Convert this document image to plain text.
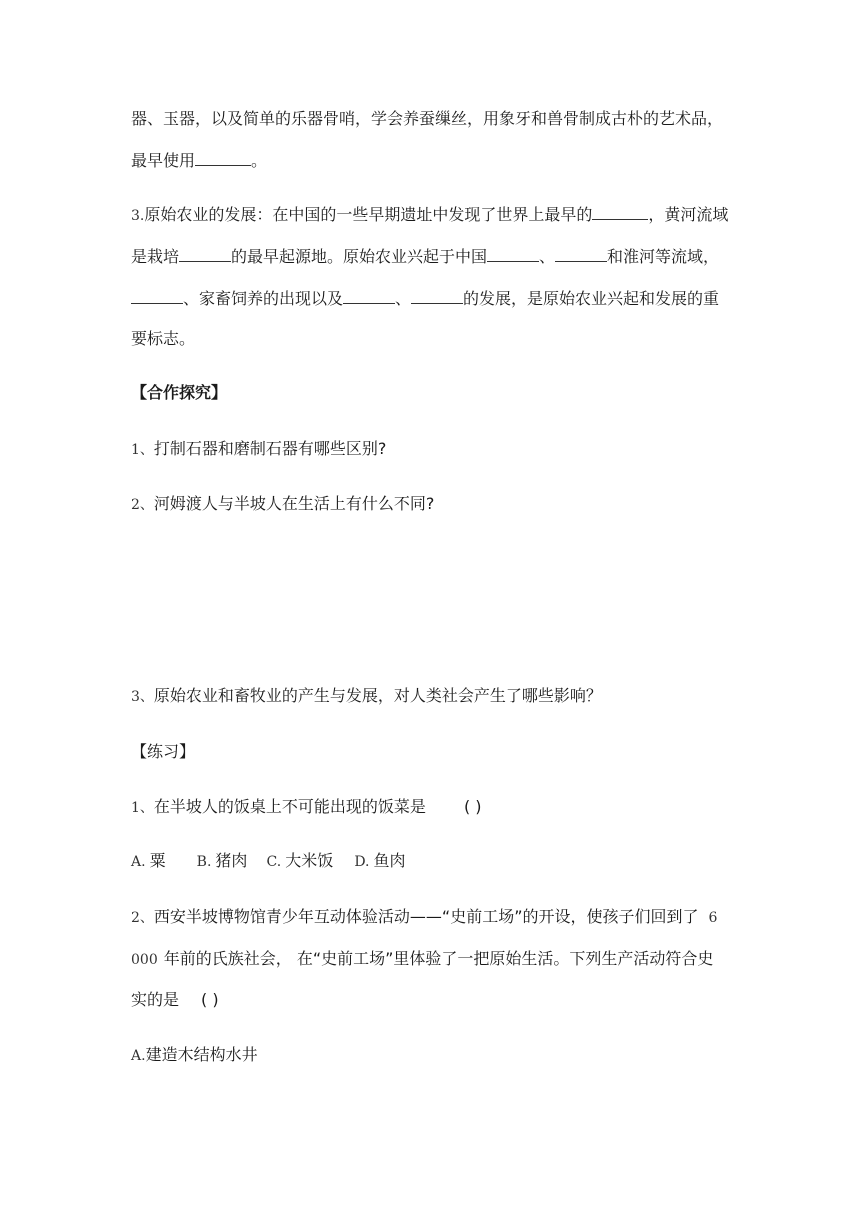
器、玉器，以及简单的乐器骨哨，学会养蚕缫丝，用象牙和兽骨制成古朴的艺术品，
最早使用	。
3.原始农业的发展：在中国的一些早期遗址中发现了世界上最早的	，黄河流域
是栽培	的最早起源地。原始农业兴起于中国	、	和淮河等流域，
、家畜饲养的出现以及	、	的发展，是原始农业兴起和发展的重
要标志。
【合作探究】
1、打制石器和磨制石器有哪些区别?
2、河姆渡人与半坡人在生活上有什么不同?
3、原始农业和畜牧业的产生与发展，对人类社会产生了哪些影响？
【练习】
1、在半坡人的饭桌上不可能出现的饭菜是 ( )
A. 粟 B. 猪肉 C. 大米饭 D. 鱼肉
2、西安半坡博物馆青少年互动体验活动——“史前工场”的开设，使孩子们回到了 6
000 年前的氏族社会， 在“史前工场”里体验了一把原始生活。下列生产活动符合史
实的是 ( )
A.建造木结构水井
